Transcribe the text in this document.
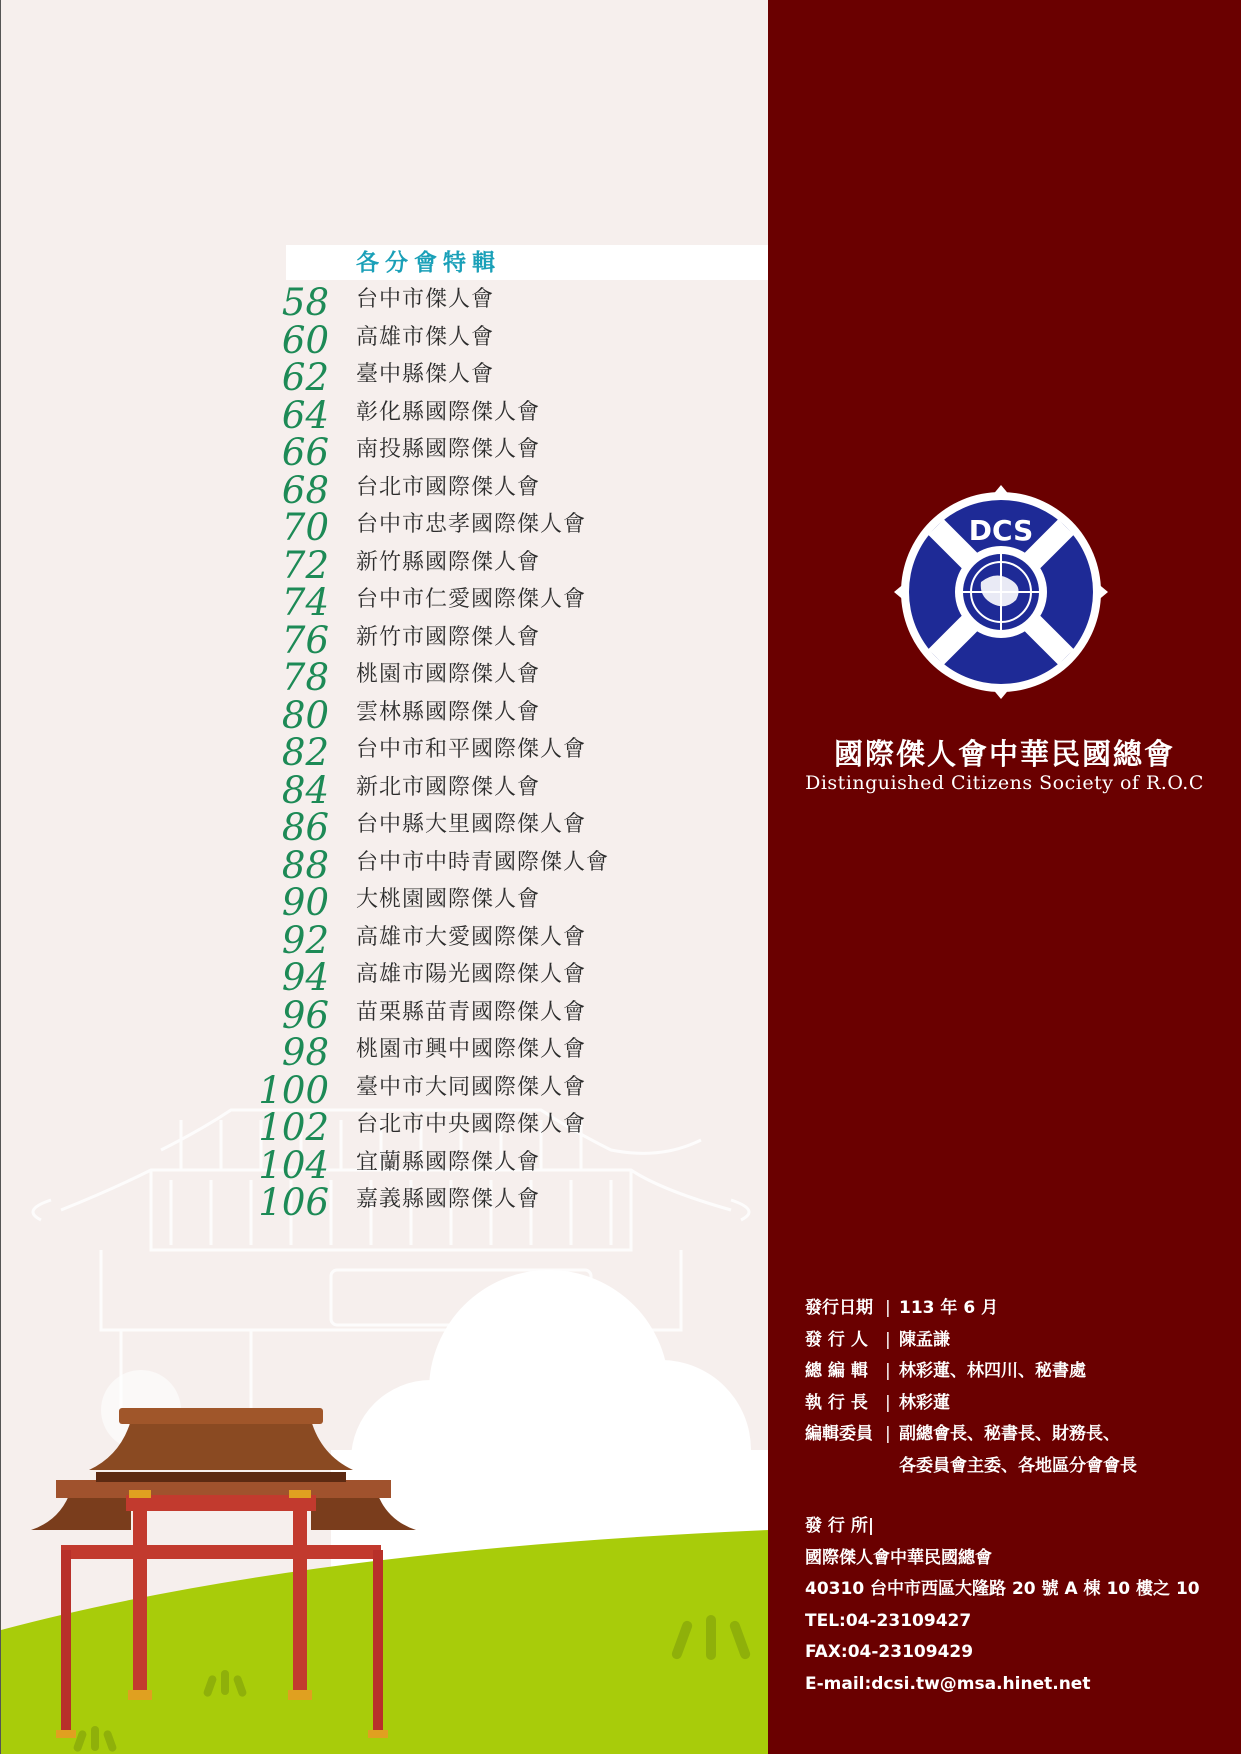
各分會特輯
58 台中市傑人會
60 高雄市傑人會
62 臺中縣傑人會
64 彰化縣國際傑人會
66 南投縣國際傑人會
68 台北市國際傑人會
70 台中市忠孝國際傑人會
72 新竹縣國際傑人會
74 台中市仁愛國際傑人會
76 新竹市國際傑人會
78 桃園市國際傑人會
80 雲林縣國際傑人會
82 台中市和平國際傑人會
84 新北市國際傑人會
86 台中縣大里國際傑人會
88 台中市中時青國際傑人會
90 大桃園國際傑人會
92 高雄市大愛國際傑人會
94 高雄市陽光國際傑人會
96 苗栗縣苗青國際傑人會
98 桃園市興中國際傑人會
100 臺中市大同國際傑人會
102 台北市中央國際傑人會
104 宜蘭縣國際傑人會
106 嘉義縣國際傑人會
DCS
國際傑人會中華民國總會
Distinguished Citizens Society of R.O.C
發行日期 | 113 年 6 月
發 行 人 | 陳孟謙
總 編 輯 | 林彩蓮、林四川、秘書處
執 行 長 | 林彩蓮
編輯委員 | 副總會長、秘書長、財務長、
各委員會主委、各地區分會會長
發 行 所|
國際傑人會中華民國總會
40310 台中市西區大隆路 20 號 A 棟 10 樓之 10
TEL:04-23109427
FAX:04-23109429
E-mail:dcsi.tw@msa.hinet.net
